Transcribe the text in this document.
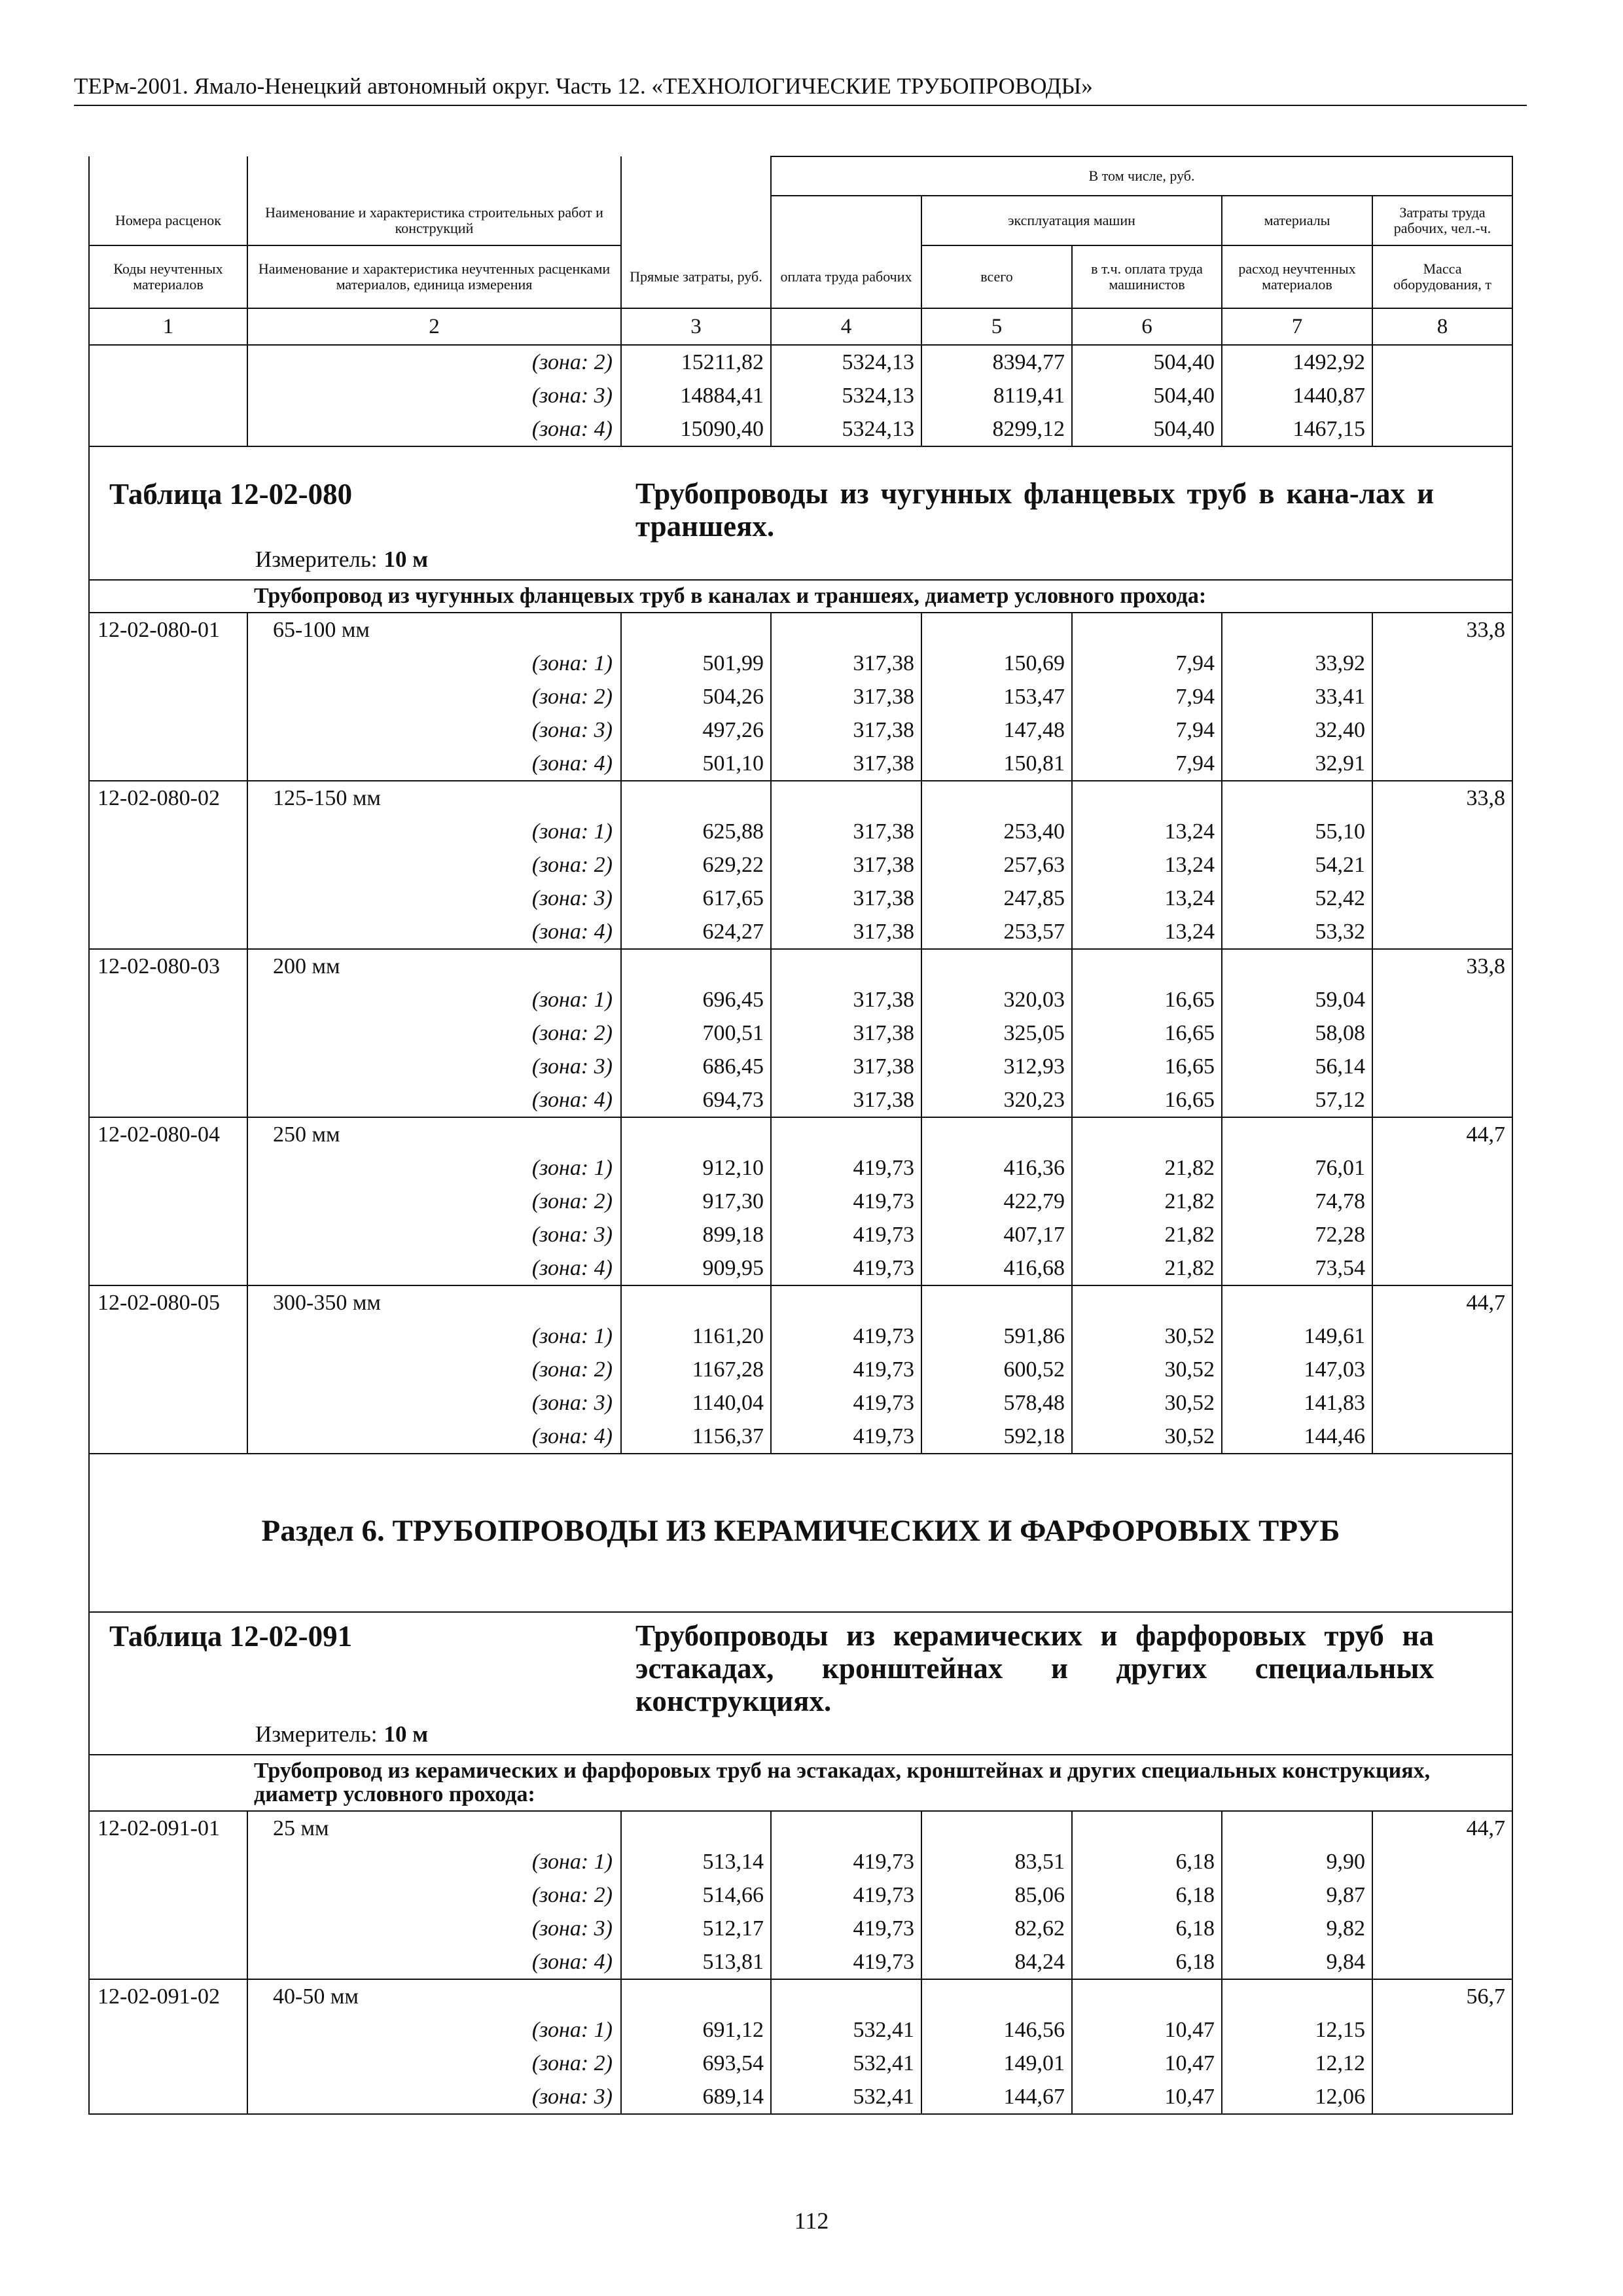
ТЕРм-2001. Ямало-Ненецкий автономный округ. Часть 12. «ТЕХНОЛОГИЧЕСКИЕ ТРУБОПРОВОДЫ»
			В том числе, руб.				
Номера расценок	Наименование и характеристика строительных работ и конструкций			эксплуатация машин		материалы	Затраты труда рабочих, чел.-ч.
Коды неучтенных материалов	Наименование и характеристика неучтенных расценками материалов, единица измерения	Прямые затраты, руб.	оплата труда рабочих	всего	в т.ч. оплата труда машинистов	расход неучтенных материалов	Масса оборудования, т
1	2	3	4	5	6	7	8
	(зона: 2)	15211,82	5324,13	8394,77	504,40	1492,92	
	(зона: 3)	14884,41	5324,13	8119,41	504,40	1440,87	
	(зона: 4)	15090,40	5324,13	8299,12	504,40	1467,15	

Таблица 12-02-080 Трубопроводы из чугунных фланцевых труб в кана-лах и траншеях.
Измеритель: 10 м							

	Трубопровод из чугунных фланцевых труб в каналах и траншеях, диаметр условного прохода:						
12-02-080-01	65-100 мм						33,8
	(зона: 1)	501,99	317,38	150,69	7,94	33,92	
	(зона: 2)	504,26	317,38	153,47	7,94	33,41	
	(зона: 3)	497,26	317,38	147,48	7,94	32,40	
	(зона: 4)	501,10	317,38	150,81	7,94	32,91	
12-02-080-02	125-150 мм						33,8
	(зона: 1)	625,88	317,38	253,40	13,24	55,10	
	(зона: 2)	629,22	317,38	257,63	13,24	54,21	
	(зона: 3)	617,65	317,38	247,85	13,24	52,42	
	(зона: 4)	624,27	317,38	253,57	13,24	53,32	
12-02-080-03	200 мм						33,8
	(зона: 1)	696,45	317,38	320,03	16,65	59,04	
	(зона: 2)	700,51	317,38	325,05	16,65	58,08	
	(зона: 3)	686,45	317,38	312,93	16,65	56,14	
	(зона: 4)	694,73	317,38	320,23	16,65	57,12	
12-02-080-04	250 мм						44,7
	(зона: 1)	912,10	419,73	416,36	21,82	76,01	
	(зона: 2)	917,30	419,73	422,79	21,82	74,78	
	(зона: 3)	899,18	419,73	407,17	21,82	72,28	
	(зона: 4)	909,95	419,73	416,68	21,82	73,54	
12-02-080-05	300-350 мм						44,7
	(зона: 1)	1161,20	419,73	591,86	30,52	149,61	
	(зона: 2)	1167,28	419,73	600,52	30,52	147,03	
	(зона: 3)	1140,04	419,73	578,48	30,52	141,83	
	(зона: 4)	1156,37	419,73	592,18	30,52	144,46	

Раздел 6. ТРУБОПРОВОДЫ ИЗ КЕРАМИЧЕСКИХ И ФАРФОРОВЫХ ТРУБ							

Таблица 12-02-091 Трубопроводы из керамических и фарфоровых труб на эстакадах, кронштейнах и других специальных конструкциях.
Измеритель: 10 м							

	Трубопровод из керамических и фарфоровых труб на эстакадах, кронштейнах и других специальных конструкциях, диаметр условного прохода:						
12-02-091-01	25 мм						44,7
	(зона: 1)	513,14	419,73	83,51	6,18	9,90	
	(зона: 2)	514,66	419,73	85,06	6,18	9,87	
	(зона: 3)	512,17	419,73	82,62	6,18	9,82	
	(зона: 4)	513,81	419,73	84,24	6,18	9,84	
12-02-091-02	40-50 мм						56,7
	(зона: 1)	691,12	532,41	146,56	10,47	12,15	
	(зона: 2)	693,54	532,41	149,01	10,47	12,12	
	(зона: 3)	689,14	532,41	144,67	10,47	12,06	
112
